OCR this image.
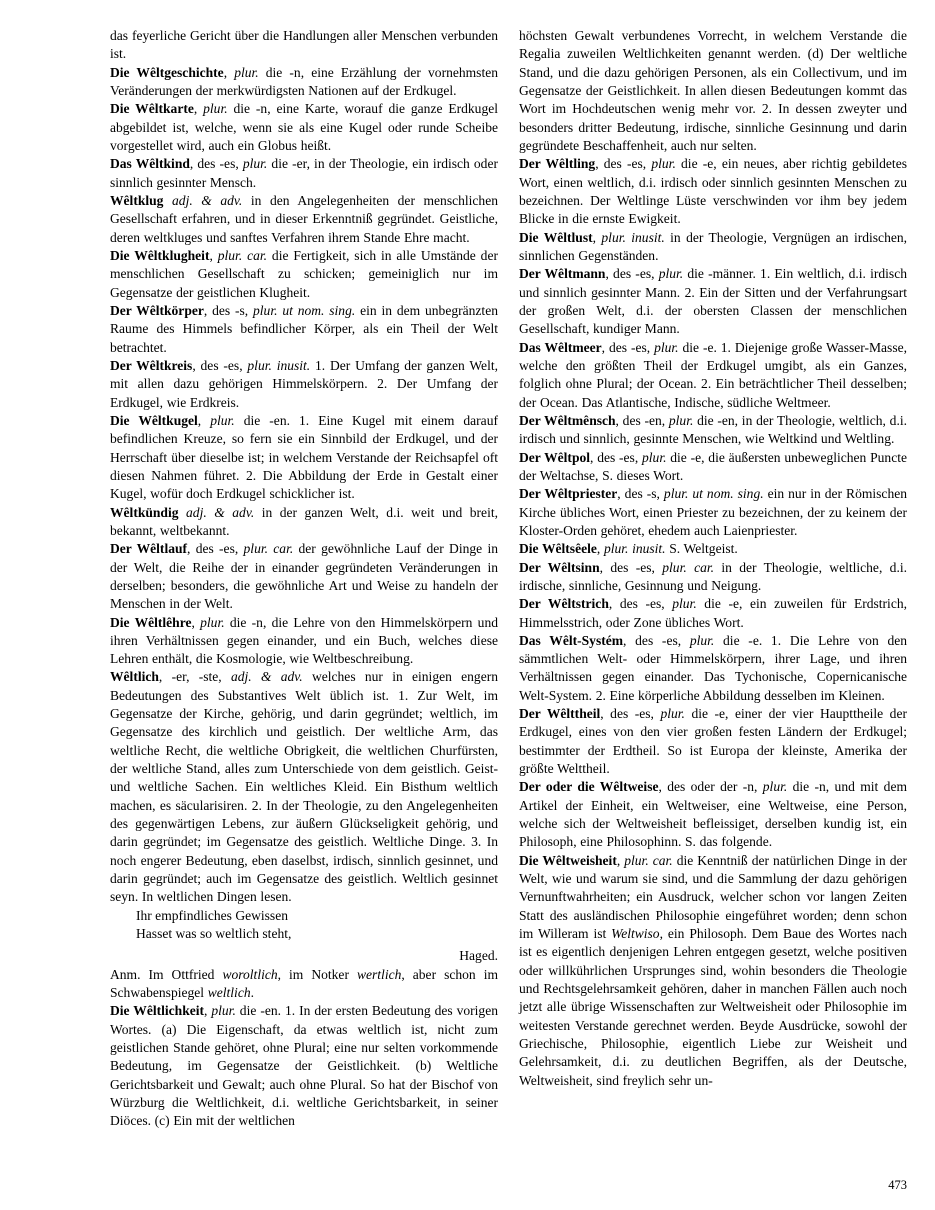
das feyerliche Gericht über die Handlungen aller Menschen verbunden ist.

Die Wêltgeschichte, plur. die -n, eine Erzählung der vornehmsten Veränderungen der merkwürdigsten Nationen auf der Erdkugel.

Die Wêltkarte, plur. die -n, eine Karte, worauf die ganze Erdkugel abgebildet ist, welche, wenn sie als eine Kugel oder runde Scheibe vorgestellet wird, auch ein Globus heißt.

Das Wêltkind, des -es, plur. die -er, in der Theologie, ein irdisch oder sinnlich gesinnter Mensch.

Wêltklug adj. & adv. in den Angelegenheiten der menschlichen Gesellschaft erfahren, und in dieser Erkenntniß gegründet. Geistliche, deren weltkluges und sanftes Verfahren ihrem Stande Ehre macht.

Die Wêltklugheit, plur. car. die Fertigkeit, sich in alle Umstände der menschlichen Gesellschaft zu schicken; gemeiniglich nur im Gegensatze der geistlichen Klugheit.

Der Wêltkörper, des -s, plur. ut nom. sing. ein in dem unbegränzten Raume des Himmels befindlicher Körper, als ein Theil der Welt betrachtet.

Der Wêltkreis, des -es, plur. inusit. 1. Der Umfang der ganzen Welt, mit allen dazu gehörigen Himmelskörpern. 2. Der Umfang der Erdkugel, wie Erdkreis.

Die Wêltkugel, plur. die -en. 1. Eine Kugel mit einem darauf befindlichen Kreuze, so fern sie ein Sinnbild der Erdkugel, und der Herrschaft über dieselbe ist; in welchem Verstande der Reichsapfel oft diesen Nahmen führet. 2. Die Abbildung der Erde in Gestalt einer Kugel, wofür doch Erdkugel schicklicher ist.

Wêltkündig adj. & adv. in der ganzen Welt, d.i. weit und breit, bekannt, weltbekannt.

Der Wêltlauf, des -es, plur. car. der gewöhnliche Lauf der Dinge in der Welt, die Reihe der in einander gegründeten Veränderungen in derselben; besonders, die gewöhnliche Art und Weise zu handeln der Menschen in der Welt.

Die Wêltlêhre, plur. die -n, die Lehre von den Himmelskörpern und ihren Verhältnissen gegen einander, und ein Buch, welches diese Lehren enthält, die Kosmologie, wie Weltbeschreibung.

Wêltlich, -er, -ste, adj. & adv. welches nur in einigen engern Bedeutungen des Substantives Welt üblich ist. 1. Zur Welt, im Gegensatze der Kirche, gehörig, und darin gegründet; weltlich, im Gegensatze des kirchlich und geistlich. Der weltliche Arm, das weltliche Recht, die weltliche Obrigkeit, die weltlichen Churfürsten, der weltliche Stand, alles zum Unterschiede von dem geistlich. Geist- und weltliche Sachen. Ein weltliches Kleid. Ein Bisthum weltlich machen, es säcularisiren. 2. In der Theologie, zu den Angelegenheiten des gegenwärtigen Lebens, zur äußern Glückseligkeit gehörig, und darin gegründet; im Gegensatze des geistlich. Weltliche Dinge. 3. In noch engerer Bedeutung, eben daselbst, irdisch, sinnlich gesinnet, und darin gegründet; auch im Gegensatze des geistlich. Weltlich gesinnet seyn. In weltlichen Dingen lesen.

Ihr empfindliches Gewissen

Hasset was so weltlich steht,

Haged.

Anm. Im Ottfried woroltlich, im Notker wertlich, aber schon im Schwabenspiegel weltlich.

Die Wêltlichkeit, plur. die -en. 1. In der ersten Bedeutung des vorigen Wortes. (a) Die Eigenschaft, da etwas weltlich ist, nicht zum geistlichen Stande gehöret, ohne Plural; eine nur selten vorkommende Bedeutung, im Gegensatze der Geistlichkeit. (b) Weltliche Gerichtsbarkeit und Gewalt; auch ohne Plural. So hat der Bischof von Würzburg die Weltlichkeit, d.i. weltliche Gerichtsbarkeit, in seiner Diöces. (c) Ein mit der weltlichen

höchsten Gewalt verbundenes Vorrecht, in welchem Verstande die Regalia zuweilen Weltlichkeiten genannt werden. (d) Der weltliche Stand, und die dazu gehörigen Personen, als ein Collectivum, und im Gegensatze der Geistlichkeit. In allen diesen Bedeutungen kommt das Wort im Hochdeutschen wenig mehr vor. 2. In dessen zweyter und besonders dritter Bedeutung, irdische, sinnliche Gesinnung und darin gegründete Beschaffenheit, auch nur selten.

Der Wêltling, des -es, plur. die -e, ein neues, aber richtig gebildetes Wort, einen weltlich, d.i. irdisch oder sinnlich gesinnten Menschen zu bezeichnen. Der Weltlinge Lüste verschwinden vor ihm bey jedem Blicke in die ernste Ewigkeit.

Die Wêltlust, plur. inusit. in der Theologie, Vergnügen an irdischen, sinnlichen Gegenständen.

Der Wêltmann, des -es, plur. die -männer. 1. Ein weltlich, d.i. irdisch und sinnlich gesinnter Mann. 2. Ein der Sitten und der Verfahrungsart der großen Welt, d.i. der obersten Classen der menschlichen Gesellschaft, kundiger Mann.

Das Wêltmeer, des -es, plur. die -e. 1. Diejenige große Wasser-Masse, welche den größten Theil der Erdkugel umgibt, als ein Ganzes, folglich ohne Plural; der Ocean. 2. Ein beträchtlicher Theil desselben; der Ocean. Das Atlantische, Indische, südliche Weltmeer.

Der Wêltmênsch, des -en, plur. die -en, in der Theologie, weltlich, d.i. irdisch und sinnlich, gesinnte Menschen, wie Weltkind und Weltling.

Der Wêltpol, des -es, plur. die -e, die äußersten unbeweglichen Puncte der Weltachse, S. dieses Wort.

Der Wêltpriester, des -s, plur. ut nom. sing. ein nur in der Römischen Kirche übliches Wort, einen Priester zu bezeichnen, der zu keinem der Kloster-Orden gehöret, ehedem auch Laienpriester.

Die Wêltsêele, plur. inusit. S. Weltgeist.

Der Wêltsinn, des -es, plur. car. in der Theologie, weltliche, d.i. irdische, sinnliche, Gesinnung und Neigung.

Der Wêltstrich, des -es, plur. die -e, ein zuweilen für Erdstrich, Himmelsstrich, oder Zone übliches Wort.

Das Wêlt-Systém, des -es, plur. die -e. 1. Die Lehre von den sämmtlichen Welt- oder Himmelskörpern, ihrer Lage, und ihren Verhältnissen gegen einander. Das Tychonische, Copernicanische Welt-System. 2. Eine körperliche Abbildung desselben im Kleinen.

Der Wêlttheil, des -es, plur. die -e, einer der vier Haupttheile der Erdkugel, eines von den vier großen festen Ländern der Erdkugel; bestimmter der Erdtheil. So ist Europa der kleinste, Amerika der größte Welttheil.

Der oder die Wêltweise, des oder der -n, plur. die -n, und mit dem Artikel der Einheit, ein Weltweiser, eine Weltweise, eine Person, welche sich der Weltweisheit befleissiget, derselben kundig ist, ein Philosoph, eine Philosophinn. S. das folgende.

Die Wêltweisheit, plur. car. die Kenntniß der natürlichen Dinge in der Welt, wie und warum sie sind, und die Sammlung der dazu gehörigen Vernunftwahrheiten; ein Ausdruck, welcher schon vor langen Zeiten Statt des ausländischen Philosophie eingeführet worden; denn schon im Willeram ist Weltwiso, ein Philosoph. Dem Baue des Wortes nach ist es eigentlich denjenigen Lehren entgegen gesetzt, welche positiven oder willkührlichen Ursprunges sind, wohin besonders die Theologie und Rechtsgelehrsamkeit gehören, daher in manchen Fällen auch noch jetzt alle übrige Wissenschaften zur Weltweisheit oder Philosophie im weitesten Verstande gerechnet werden. Beyde Ausdrücke, sowohl der Griechische, Philosophie, eigentlich Liebe zur Weisheit und Gelehrsamkeit, d.i. zu deutlichen Begriffen, als der Deutsche, Weltweisheit, sind freylich sehr un-

473
